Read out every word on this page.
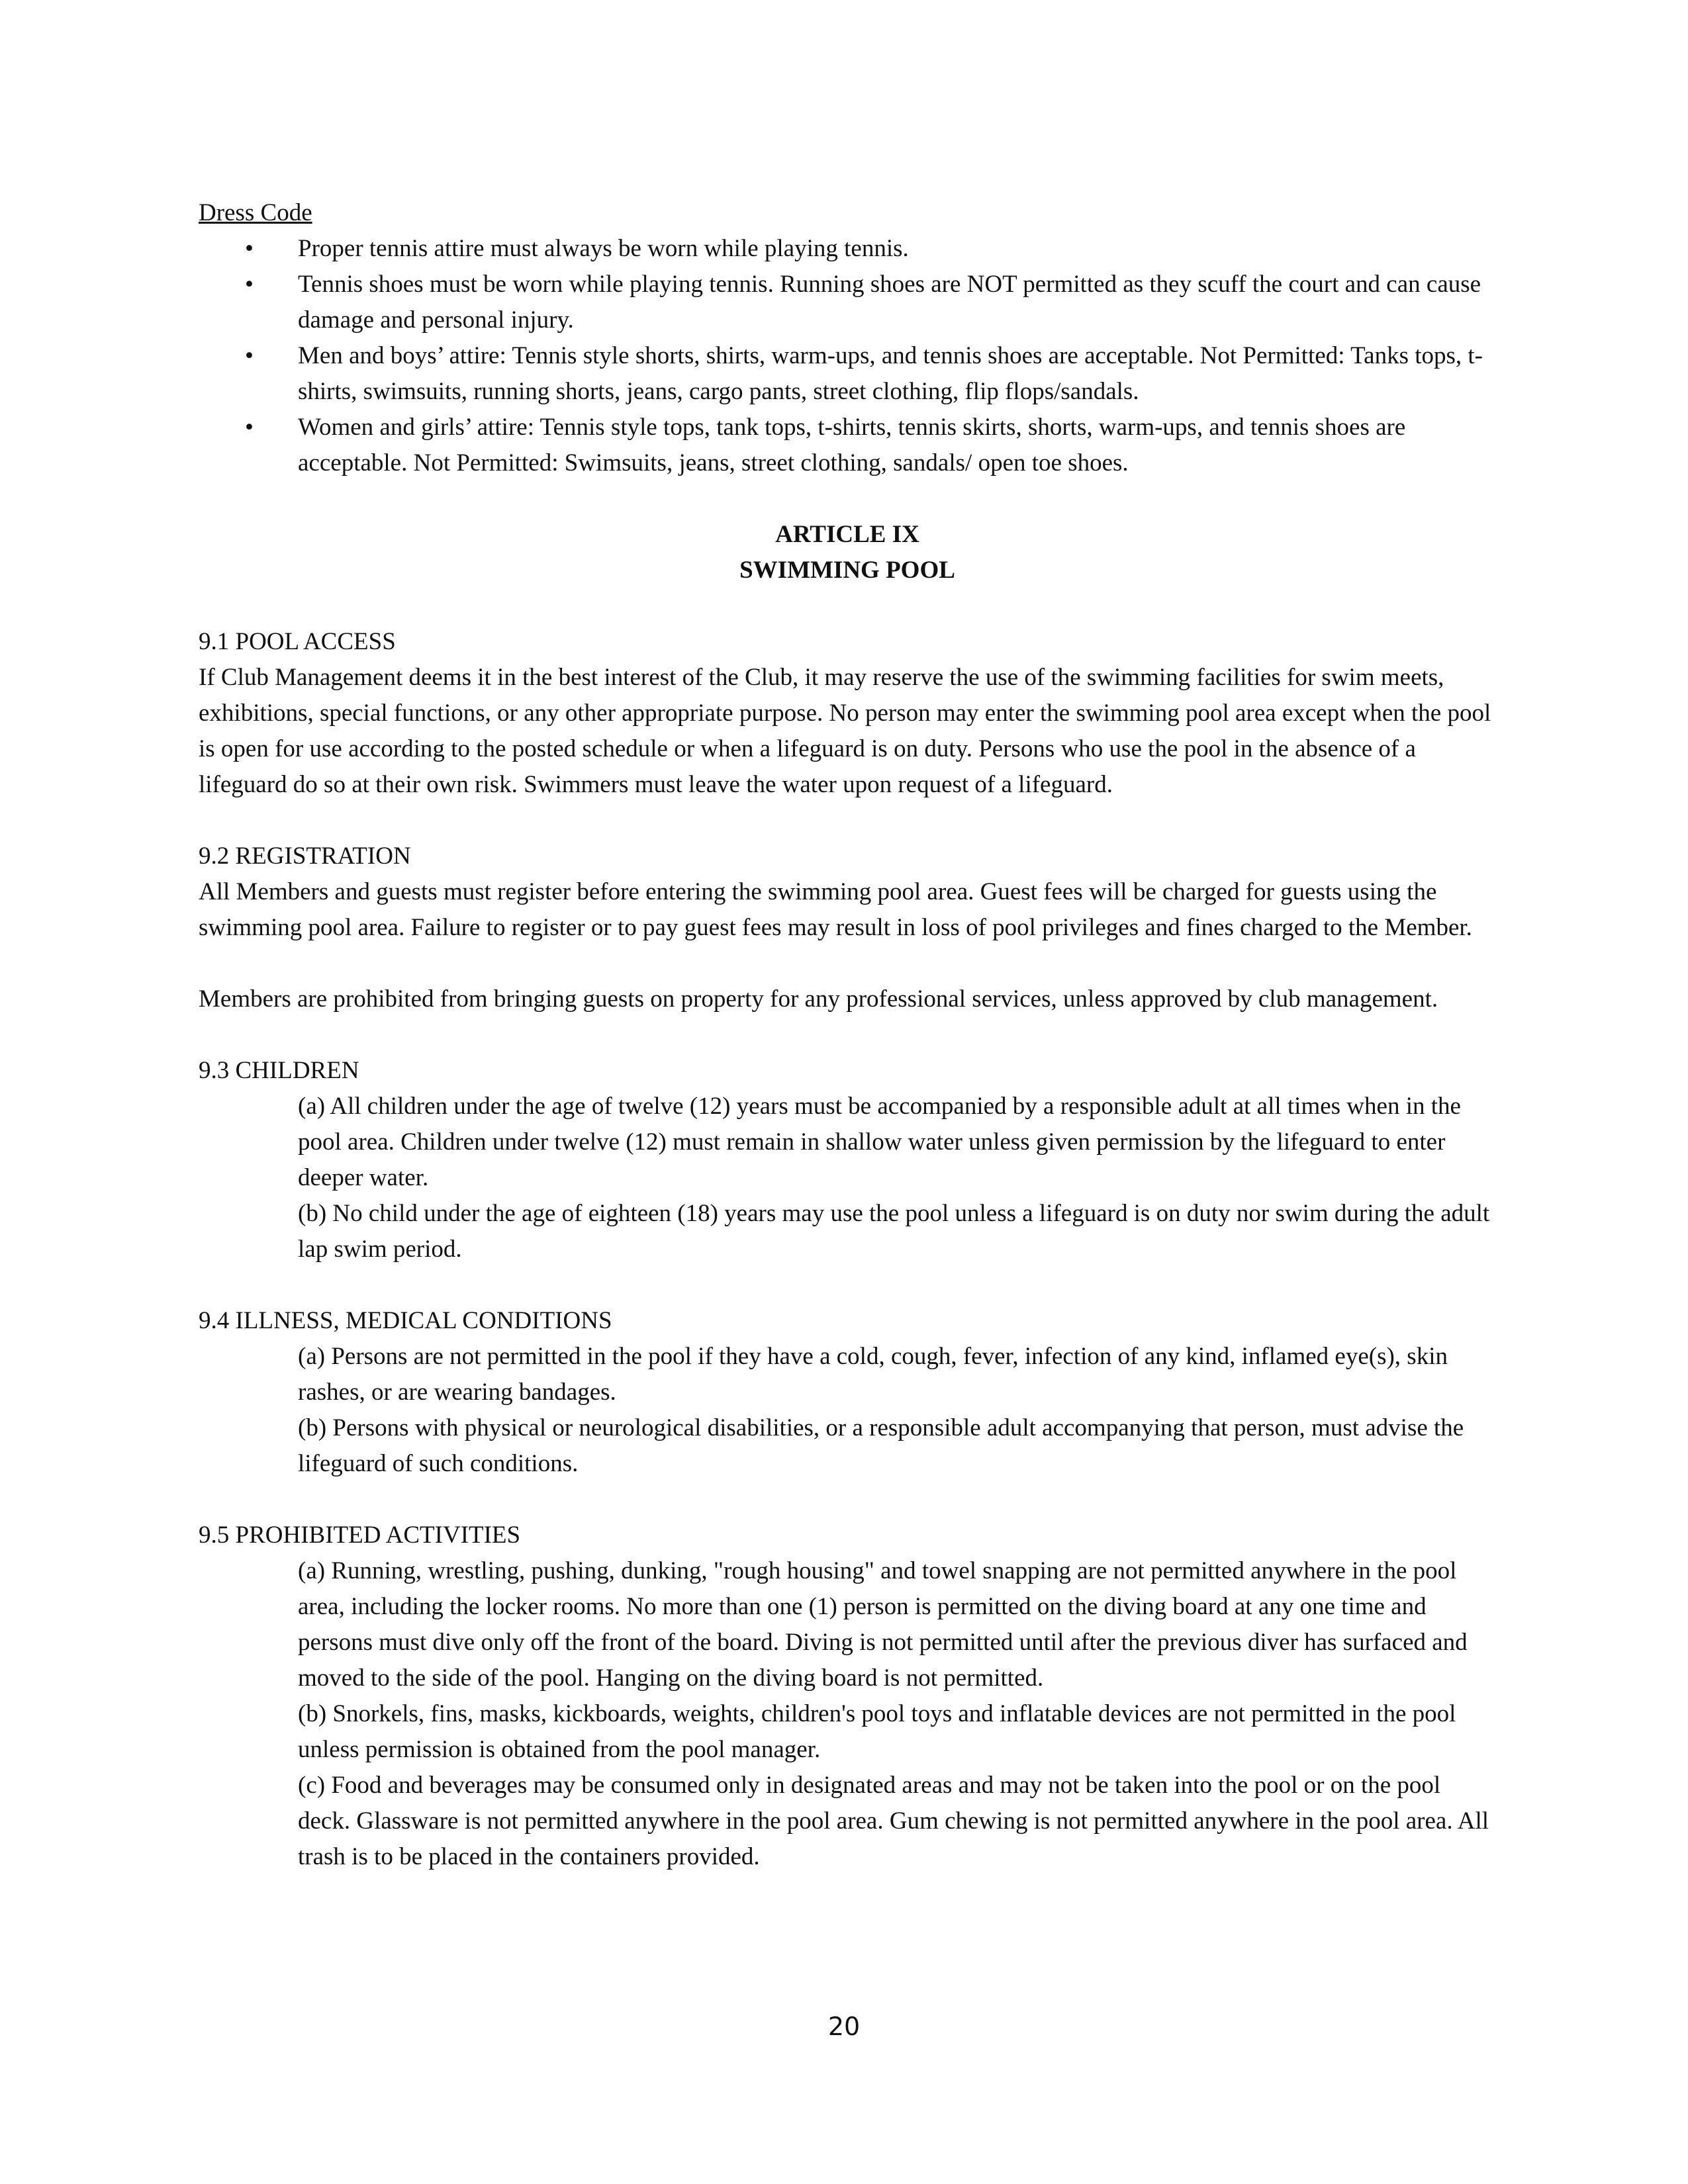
Dress Code

• Proper tennis attire must always be worn while playing tennis.
• Tennis shoes must be worn while playing tennis. Running shoes are NOT permitted as they scuff the court and can cause damage and personal injury.
• Men and boys’ attire: Tennis style shorts, shirts, warm-ups, and tennis shoes are acceptable. Not Permitted: Tanks tops, t-shirts, swimsuits, running shorts, jeans, cargo pants, street clothing, flip flops/sandals.
• Women and girls’ attire: Tennis style tops, tank tops, t-shirts, tennis skirts, shorts, warm-ups, and tennis shoes are acceptable. Not Permitted: Swimsuits, jeans, street clothing, sandals/ open toe shoes.

ARTICLE IX

SWIMMING POOL

9.1 POOL ACCESS

If Club Management deems it in the best interest of the Club, it may reserve the use of the swimming facilities for swim meets, exhibitions, special functions, or any other appropriate purpose. No person may enter the swimming pool area except when the pool is open for use according to the posted schedule or when a lifeguard is on duty. Persons who use the pool in the absence of a lifeguard do so at their own risk. Swimmers must leave the water upon request of a lifeguard.

9.2 REGISTRATION

All Members and guests must register before entering the swimming pool area. Guest fees will be charged for guests using the swimming pool area. Failure to register or to pay guest fees may result in loss of pool privileges and fines charged to the Member.

Members are prohibited from bringing guests on property for any professional services, unless approved by club management.

9.3 CHILDREN

(a) All children under the age of twelve (12) years must be accompanied by a responsible adult at all times when in the pool area. Children under twelve (12) must remain in shallow water unless given permission by the lifeguard to enter deeper water.

(b) No child under the age of eighteen (18) years may use the pool unless a lifeguard is on duty nor swim during the adult lap swim period.

9.4 ILLNESS, MEDICAL CONDITIONS

(a) Persons are not permitted in the pool if they have a cold, cough, fever, infection of any kind, inflamed eye(s), skin rashes, or are wearing bandages.

(b) Persons with physical or neurological disabilities, or a responsible adult accompanying that person, must advise the lifeguard of such conditions.

9.5 PROHIBITED ACTIVITIES

(a) Running, wrestling, pushing, dunking, "rough housing" and towel snapping are not permitted anywhere in the pool area, including the locker rooms. No more than one (1) person is permitted on the diving board at any one time and persons must dive only off the front of the board. Diving is not permitted until after the previous diver has surfaced and moved to the side of the pool. Hanging on the diving board is not permitted.

(b) Snorkels, fins, masks, kickboards, weights, children's pool toys and inflatable devices are not permitted in the pool unless permission is obtained from the pool manager.

(c) Food and beverages may be consumed only in designated areas and may not be taken into the pool or on the pool deck. Glassware is not permitted anywhere in the pool area. Gum chewing is not permitted anywhere in the pool area. All trash is to be placed in the containers provided.

20
